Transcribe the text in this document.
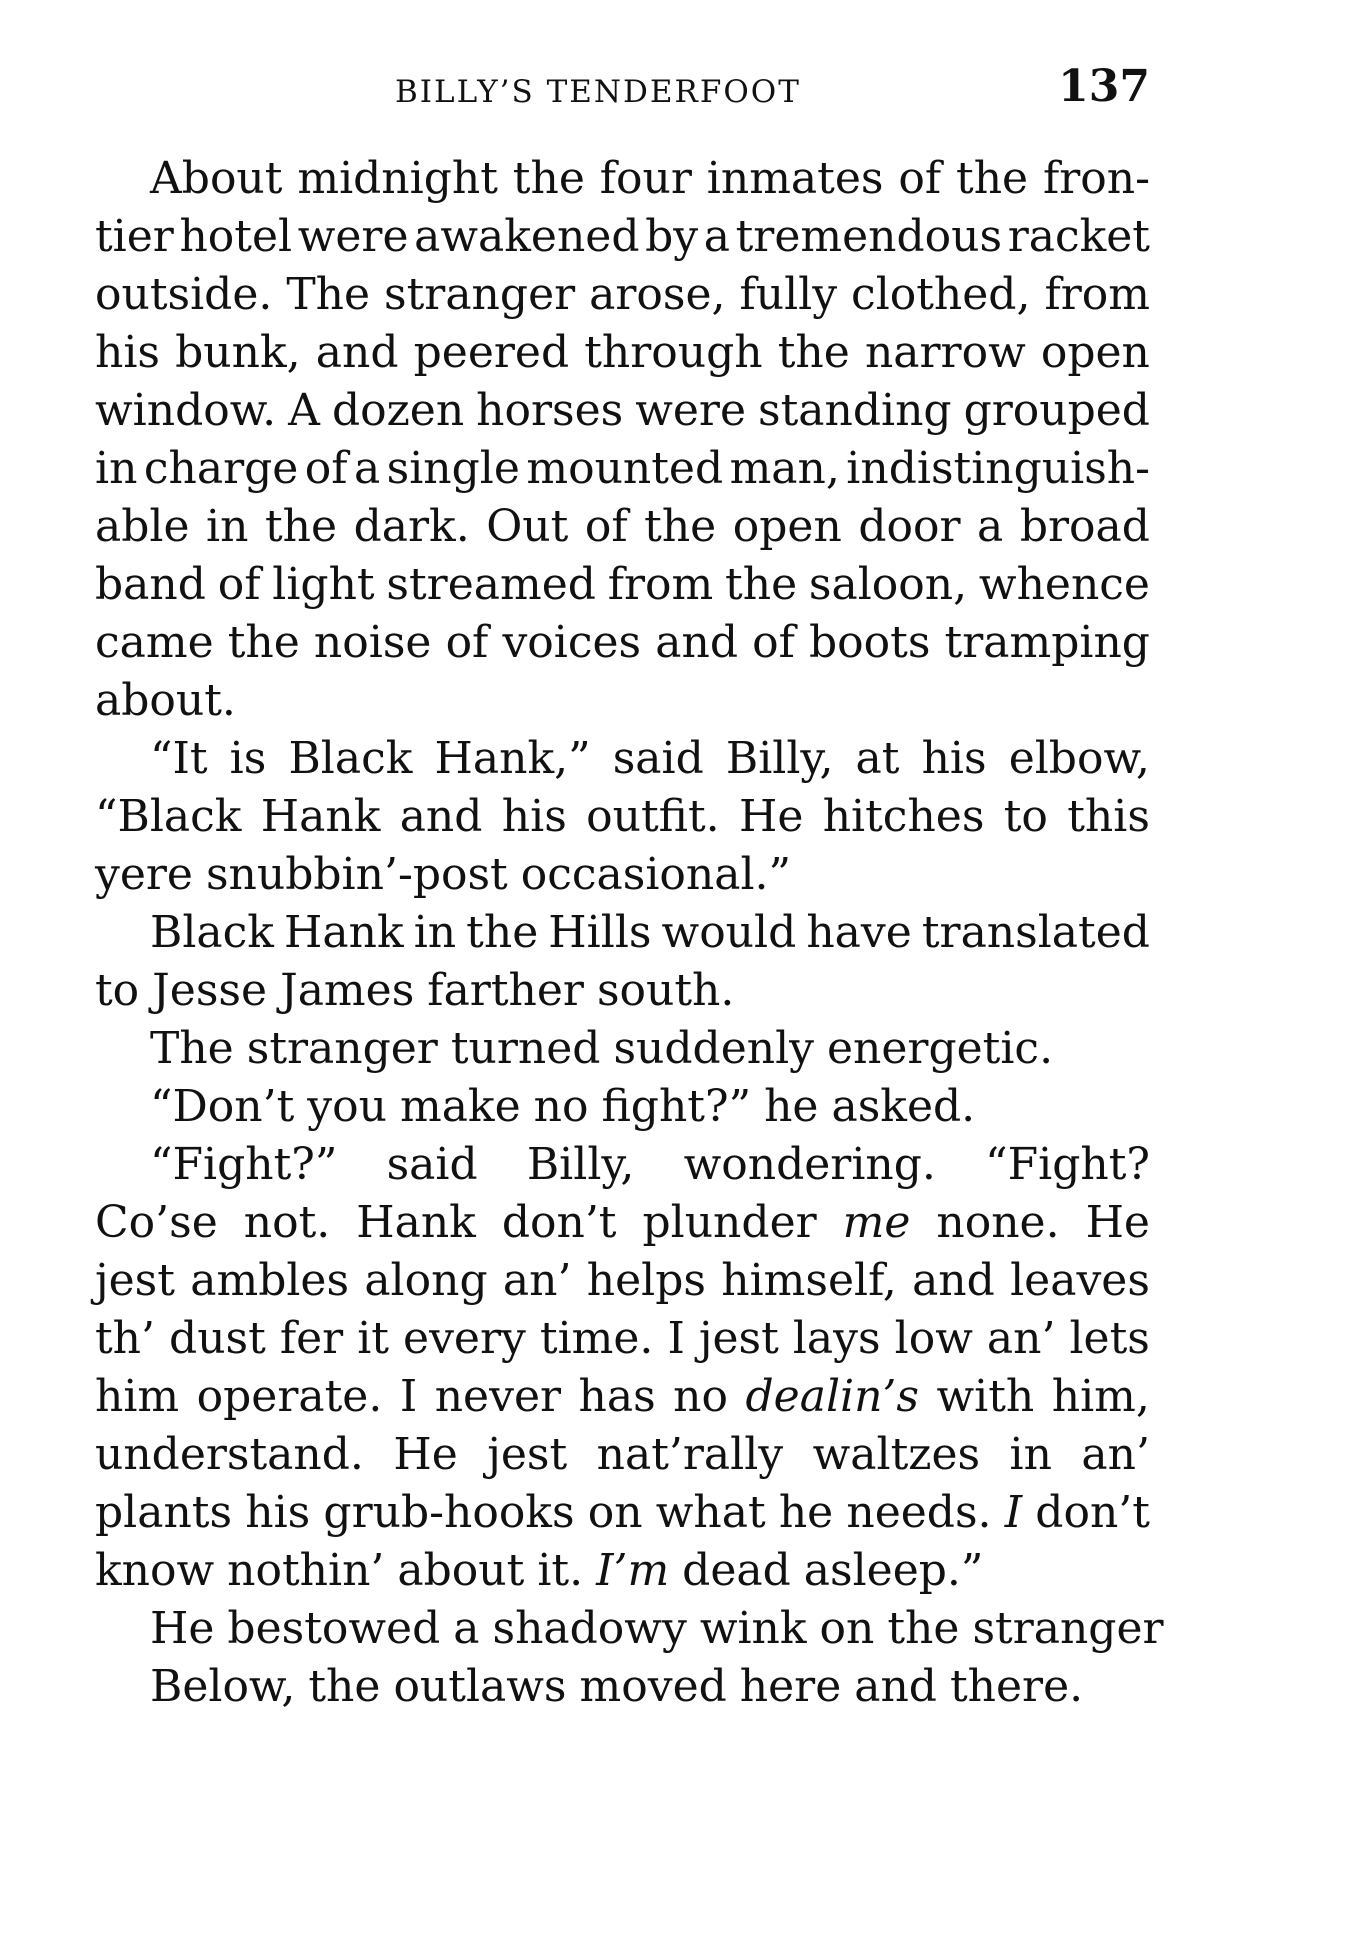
BILLY’S TENDERFOOT	137
About midnight the four inmates of the fron-
tier hotel were awakened by a tremendous racket
outside. The stranger arose, fully clothed, from
his bunk, and peered through the narrow open
window. A dozen horses were standing grouped
in charge of a single mounted man, indistinguish-
able in the dark. Out of the open door a broad
band of light streamed from the saloon, whence
came the noise of voices and of boots tramping
about.
“It is Black Hank,” said Billy, at his elbow,
“Black Hank and his outfit. He hitches to this
yere snubbin’-post occasional.”
Black Hank in the Hills would have translated
to Jesse James farther south.
The stranger turned suddenly energetic.
“Don’t you make no fight?” he asked.
“Fight?” said Billy, wondering. “Fight?
Co’se not. Hank don’t plunder me none. He
jest ambles along an’ helps himself, and leaves
th’ dust fer it every time. I jest lays low an’ lets
him operate. I never has no dealin’s with him,
understand. He jest nat’rally waltzes in an’
plants his grub-hooks on what he needs. I don’t
know nothin’ about it. I’m dead asleep.”
He bestowed a shadowy wink on the stranger
Below, the outlaws moved here and there.
